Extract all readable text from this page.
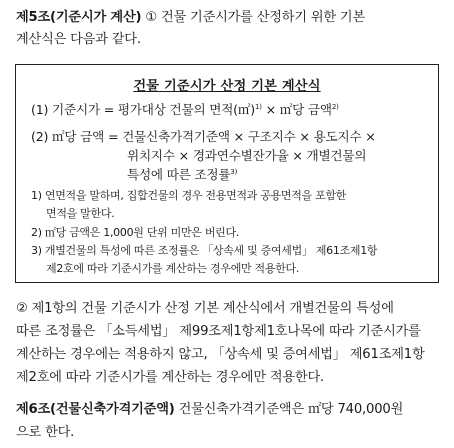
제5조(기준시가 계산) ① 건물 기준시가를 산정하기 위한 기본
계산식은 다음과 같다.
건물 기준시가 산정 기본 계산식
(1) 기준시가 = 평가대상 건물의 면적(㎡)$^{1)}$ × ㎡당 금액$^{2)}$
(2) ㎡당 금액 = 건물신축가격기준액 × 구조지수 × 용도지수 ×
위치지수 × 경과연수별잔가율 × 개별건물의
특성에 따른 조정률$^{3)}$
1) 연면적을 말하며, 집합건물의 경우 전용면적과 공용면적을 포함한
면적을 말한다.
2) ㎡당 금액은 1,000원 단위 미만은 버린다.
3) 개별건물의 특성에 따른 조정률은 「상속세 및 증여세법」 제61조제1항
제2호에 따라 기준시가를 계산하는 경우에만 적용한다.
② 제1항의 건물 기준시가 산정 기본 계산식에서 개별건물의 특성에
따른 조정률은 「소득세법」 제99조제1항제1호나목에 따라 기준시가를
계산하는 경우에는 적용하지 않고, 「상속세 및 증여세법」 제61조제1항
제2호에 따라 기준시가를 계산하는 경우에만 적용한다.
제6조(건물신축가격기준액) 건물신축가격기준액은 ㎡당 740,000원
으로 한다.
